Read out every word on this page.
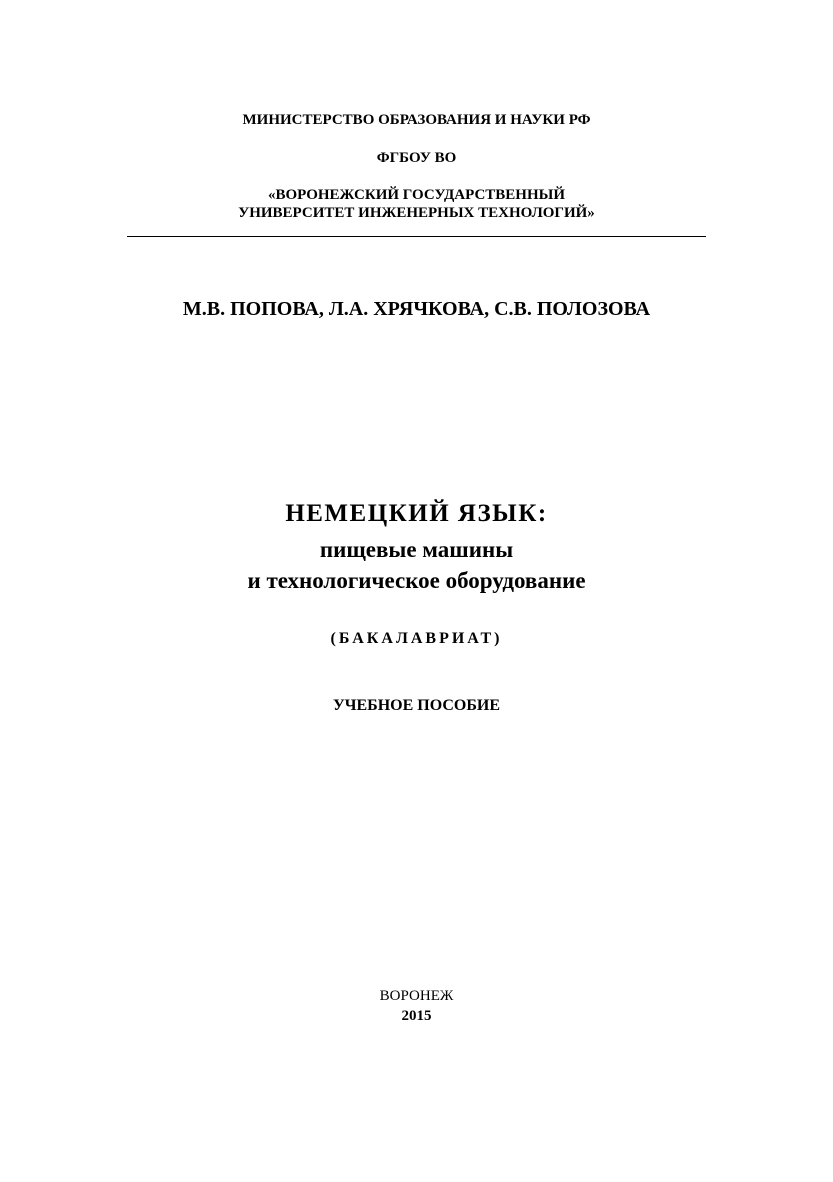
МИНИСТЕРСТВО ОБРАЗОВАНИЯ И НАУКИ РФ
ФГБОУ ВО
«ВОРОНЕЖСКИЙ ГОСУДАРСТВЕННЫЙ
УНИВЕРСИТЕТ ИНЖЕНЕРНЫХ ТЕХНОЛОГИЙ»
М.В. ПОПОВА, Л.А. ХРЯЧКОВА, С.В. ПОЛОЗОВА
НЕМЕЦКИЙ ЯЗЫК:
пищевые машины
и технологическое оборудование
(БАКАЛАВРИАТ)
УЧЕБНОЕ ПОСОБИЕ
ВОРОНЕЖ
2015
